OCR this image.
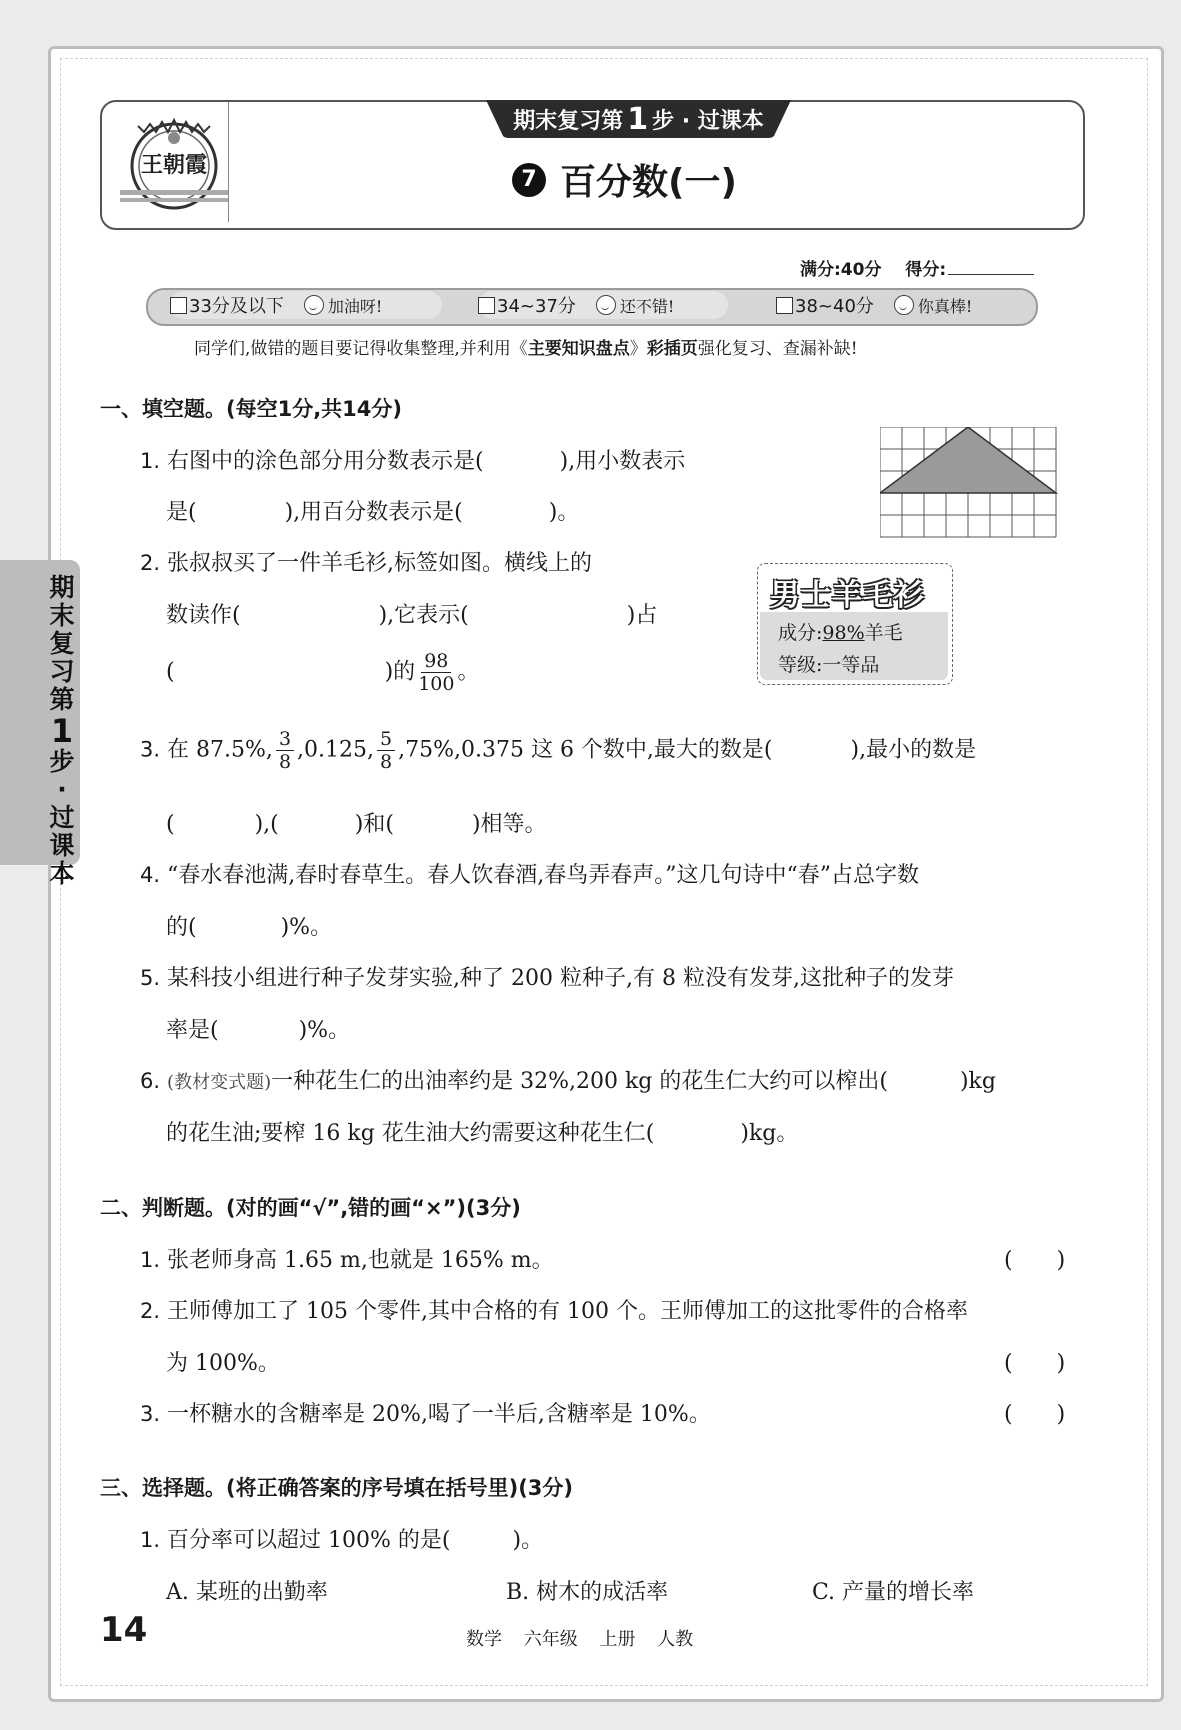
王朝霞
期末复习第 1 步 · 过课本
7 百分数(一)
满分:40分 得分:
33分及以下	加油呀!	34~37分	还不错!	38~40分	你真棒!
同学们,做错的题目要记得收集整理,并利用《主要知识盘点》彩插页强化复习、查漏补缺!
期末复习第
1
步·过课本
一、填空题。(每空1分,共14分)
1. 右图中的涂色部分用分数表示是(	),用小数表示
是(	),用百分数表示是(	)。
2. 张叔叔买了一件羊毛衫,标签如图。横线上的
数读作(	),它表示(	)占
(	)的 $\frac{98}{100}$ 。
男士羊毛衫
成分:98%羊毛
等级:一等品
3. 在 87.5%, $\frac{3}{8} ,0.125$, $\frac{5}{8} ,75\%,0.375$ 这 6 个数中,最大的数是(	),最小的数是
(	),(	)和(	)相等。
4. “春水春池满,春时春草生。春人饮春酒,春鸟弄春声。”这几句诗中“春”占总字数
的(	)%。
5. 某科技小组进行种子发芽实验,种了 200 粒种子,有 8 粒没有发芽,这批种子的发芽
率是(	)%。
6. (教材变式题)一种花生仁的出油率约是 32%,200 kg 的花生仁大约可以榨出(	)kg
的花生油;要榨 16 kg 花生油大约需要这种花生仁(	)kg。
二、判断题。(对的画“√”,错的画“×”)(3分)
1. 张老师身高 1.65 m,也就是 165% m。	(　　)
2. 王师傅加工了 105 个零件,其中合格的有 100 个。王师傅加工的这批零件的合格率
为 100%。	(　　)
3. 一杯糖水的含糖率是 20%,喝了一半后,含糖率是 10%。	(　　)
三、选择题。(将正确答案的序号填在括号里)(3分)
1. 百分率可以超过 100% 的是(	)。
A. 某班的出勤率	B. 树木的成活率	C. 产量的增长率
14	数学 六年级 上册 人教
